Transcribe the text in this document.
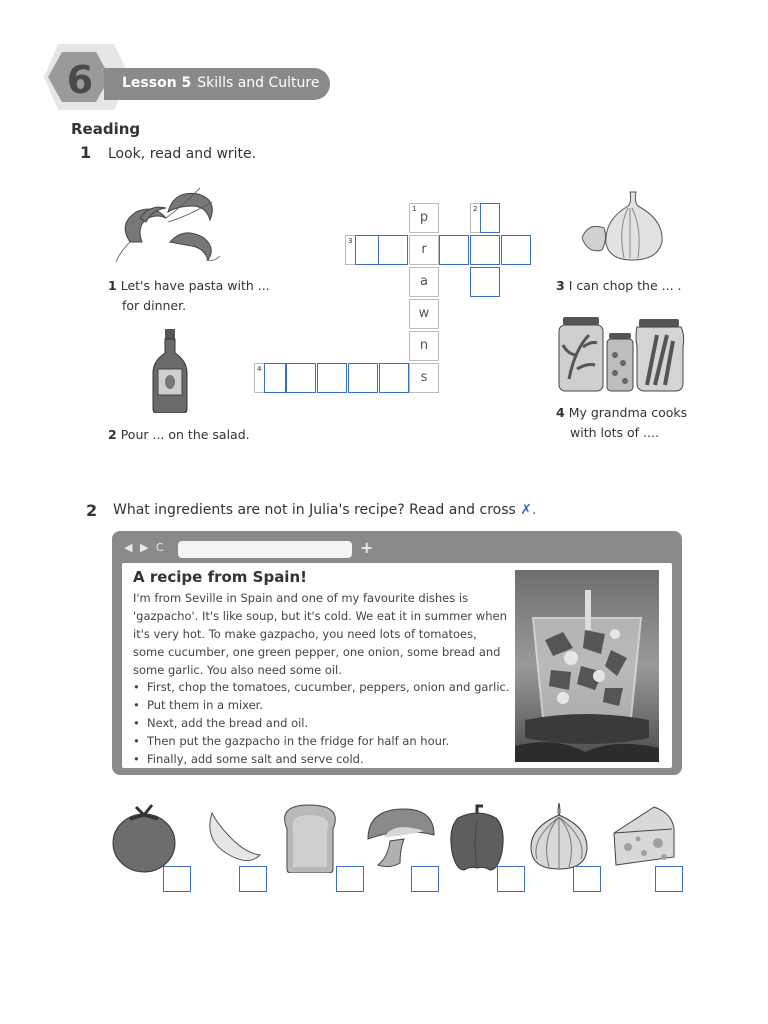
6	Lesson 5 Skills and Culture
Reading
1 Look, read and write.
1 Let's have pasta with ...
for dinner.
2 Pour ... on the salad.
3 I can chop the ... .
4 My grandma cooks
with lots of ....
p
r
a
w
n
s
1	2
3
4
2 What ingredients are not in Julia's recipe? Read and cross ✗.
◀ ▶ C	+
A recipe from Spain!
I'm from Seville in Spain and one of my favourite dishes is 'gazpacho'. It's like soup, but it's cold. We eat it in summer when it's very hot. To make gazpacho, you need lots of tomatoes, some cucumber, one green pepper, one onion, some bread and some garlic. You also need some oil.
• First, chop the tomatoes, cucumber, peppers, onion and garlic.
• Put them in a mixer.
• Next, add the bread and oil.
• Then put the gazpacho in the fridge for half an hour.
• Finally, add some salt and serve cold.
